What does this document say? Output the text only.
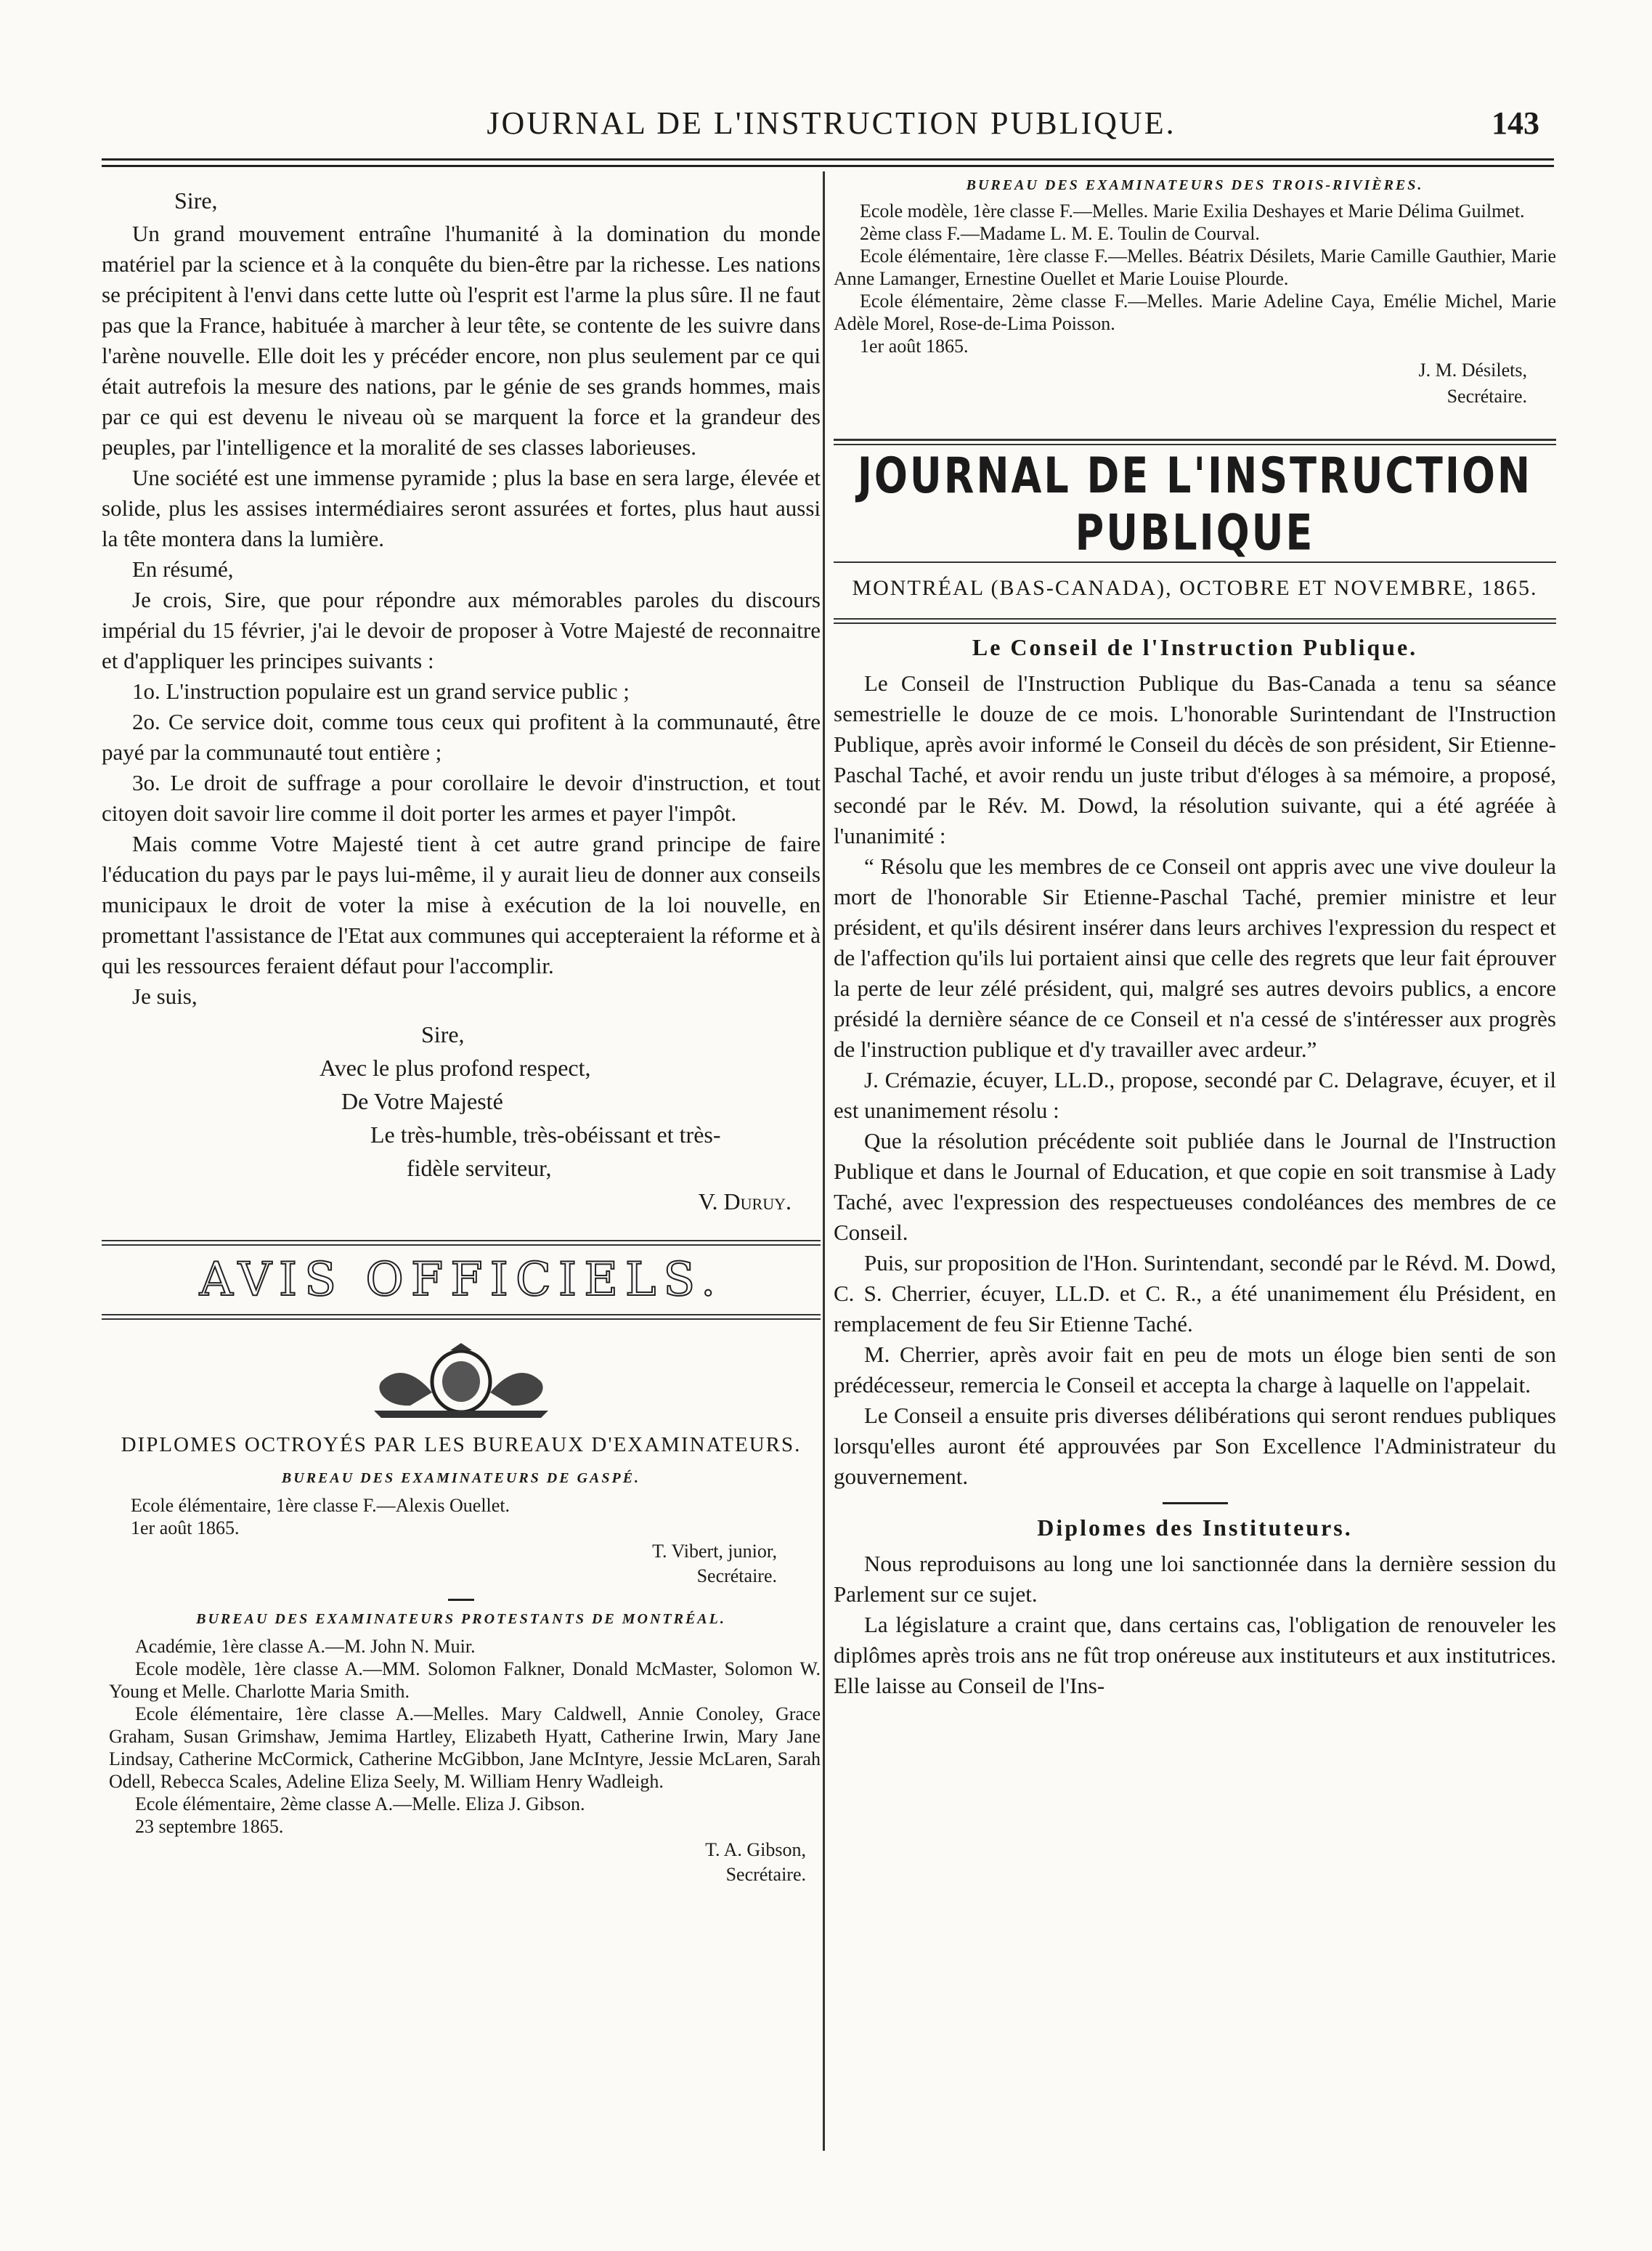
JOURNAL DE L'INSTRUCTION PUBLIQUE.	143
Sire,

Un grand mouvement entraîne l'humanité à la domination du monde matériel par la science et à la conquête du bien-être par la richesse. Les nations se précipitent à l'envi dans cette lutte où l'esprit est l'arme la plus sûre. Il ne faut pas que la France, habituée à marcher à leur tête, se contente de les suivre dans l'arène nouvelle. Elle doit les y précéder encore, non plus seulement par ce qui était autrefois la mesure des nations, par le génie de ses grands hommes, mais par ce qui est devenu le niveau où se marquent la force et la grandeur des peuples, par l'intelligence et la moralité de ses classes laborieuses.

Une société est une immense pyramide ; plus la base en sera large, élevée et solide, plus les assises intermédiaires seront assurées et fortes, plus haut aussi la tête montera dans la lumière.

En résumé,

Je crois, Sire, que pour répondre aux mémorables paroles du discours impérial du 15 février, j'ai le devoir de proposer à Votre Majesté de reconnaitre et d'appliquer les principes suivants :

1o. L'instruction populaire est un grand service public ;

2o. Ce service doit, comme tous ceux qui profitent à la communauté, être payé par la communauté tout entière ;

3o. Le droit de suffrage a pour corollaire le devoir d'instruction, et tout citoyen doit savoir lire comme il doit porter les armes et payer l'impôt.

Mais comme Votre Majesté tient à cet autre grand principe de faire l'éducation du pays par le pays lui-même, il y aurait lieu de donner aux conseils municipaux le droit de voter la mise à exécution de la loi nouvelle, en promettant l'assistance de l'Etat aux communes qui accepteraient la réforme et à qui les ressources feraient défaut pour l'accomplir.

Je suis,

Sire,
Avec le plus profond respect,
De Votre Majesté
Le très-humble, très-obéissant et très-
fidèle serviteur,
V. Duruy.
AVIS OFFICIELS.
DIPLOMES OCTROYÉS PAR LES BUREAUX D'EXAMINATEURS.
BUREAU DES EXAMINATEURS DE GASPÉ.

Ecole élémentaire, 1ère classe F.—Alexis Ouellet.

1er août 1865.

T. Vibert, junior,
Secrétaire.
BUREAU DES EXAMINATEURS PROTESTANTS DE MONTRÉAL.

Académie, 1ère classe A.—M. John N. Muir.

Ecole modèle, 1ère classe A.—MM. Solomon Falkner, Donald McMaster, Solomon W. Young et Melle. Charlotte Maria Smith.

Ecole élémentaire, 1ère classe A.—Melles. Mary Caldwell, Annie Conoley, Grace Graham, Susan Grimshaw, Jemima Hartley, Elizabeth Hyatt, Catherine Irwin, Mary Jane Lindsay, Catherine McCormick, Catherine McGibbon, Jane McIntyre, Jessie McLaren, Sarah Odell, Rebecca Scales, Adeline Eliza Seely, M. William Henry Wadleigh.

Ecole élémentaire, 2ème classe A.—Melle. Eliza J. Gibson.

23 septembre 1865.

T. A. Gibson,
Secrétaire.
BUREAU DES EXAMINATEURS DES TROIS-RIVIÈRES.

Ecole modèle, 1ère classe F.—Melles. Marie Exilia Deshayes et Marie Délima Guilmet.

2ème class F.—Madame L. M. E. Toulin de Courval.

Ecole élémentaire, 1ère classe F.—Melles. Béatrix Désilets, Marie Camille Gauthier, Marie Anne Lamanger, Ernestine Ouellet et Marie Louise Plourde.

Ecole élémentaire, 2ème classe F.—Melles. Marie Adeline Caya, Emélie Michel, Marie Adèle Morel, Rose-de-Lima Poisson.

1er août 1865.

J. M. Désilets,
Secrétaire.
JOURNAL DE L'INSTRUCTION PUBLIQUE
MONTRÉAL (BAS-CANADA), OCTOBRE ET NOVEMBRE, 1865.
Le Conseil de l'Instruction Publique.

Le Conseil de l'Instruction Publique du Bas-Canada a tenu sa séance semestrielle le douze de ce mois. L'honorable Surintendant de l'Instruction Publique, après avoir informé le Conseil du décès de son président, Sir Etienne-Paschal Taché, et avoir rendu un juste tribut d'éloges à sa mémoire, a proposé, secondé par le Rév. M. Dowd, la résolution suivante, qui a été agréée à l'unanimité :

“ Résolu que les membres de ce Conseil ont appris avec une vive douleur la mort de l'honorable Sir Etienne-Paschal Taché, premier ministre et leur président, et qu'ils désirent insérer dans leurs archives l'expression du respect et de l'affection qu'ils lui portaient ainsi que celle des regrets que leur fait éprouver la perte de leur zélé président, qui, malgré ses autres devoirs publics, a encore présidé la dernière séance de ce Conseil et n'a cessé de s'intéresser aux progrès de l'instruction publique et d'y travailler avec ardeur.”

J. Crémazie, écuyer, LL.D., propose, secondé par C. Delagrave, écuyer, et il est unanimement résolu :

Que la résolution précédente soit publiée dans le Journal de l'Instruction Publique et dans le Journal of Education, et que copie en soit transmise à Lady Taché, avec l'expression des respectueuses condoléances des membres de ce Conseil.

Puis, sur proposition de l'Hon. Surintendant, secondé par le Révd. M. Dowd, C. S. Cherrier, écuyer, LL.D. et C. R., a été unanimement élu Président, en remplacement de feu Sir Etienne Taché.

M. Cherrier, après avoir fait en peu de mots un éloge bien senti de son prédécesseur, remercia le Conseil et accepta la charge à laquelle on l'appelait.

Le Conseil a ensuite pris diverses délibérations qui seront rendues publiques lorsqu'elles auront été approuvées par Son Excellence l'Administrateur du gouvernement.

Diplomes des Instituteurs.

Nous reproduisons au long une loi sanctionnée dans la dernière session du Parlement sur ce sujet.

La législature a craint que, dans certains cas, l'obligation de renouveler les diplômes après trois ans ne fût trop onéreuse aux instituteurs et aux institutrices. Elle laisse au Conseil de l'Ins-
